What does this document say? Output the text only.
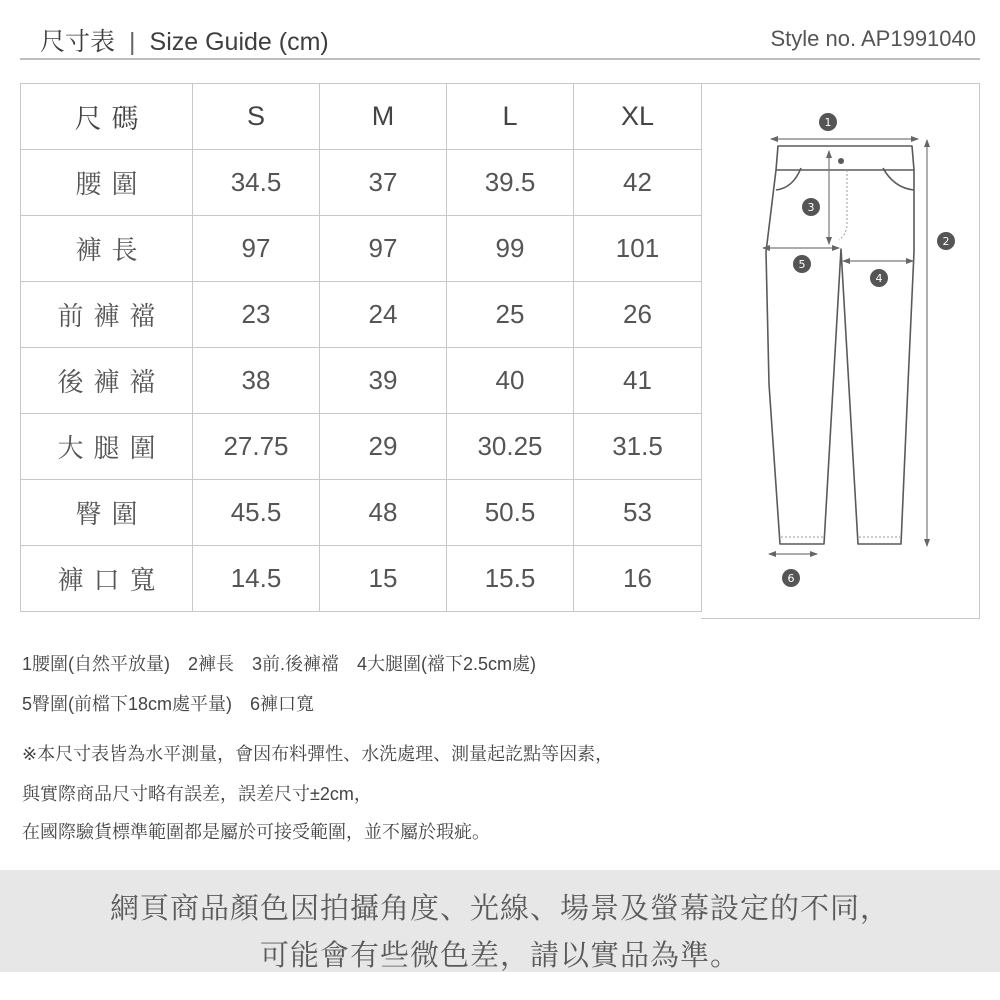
尺寸表 | Size Guide (cm)	Style no. AP1991040
尺碼	S	M	L	XL
腰圍	34.5	37	39.5	42
褲長	97	97	99	101
前褲襠	23	24	25	26
後褲襠	38	39	40	41
大腿圍	27.75	29	30.25	31.5
臀圍	45.5	48	50.5	53
褲口寬	14.5	15	15.5	16
1
2
3
4
5
6
1腰圍(自然平放量) 2褲長 3前.後褲襠 4大腿圍(襠下2.5cm處)
5臀圍(前檔下18cm處平量) 6褲口寬
※本尺寸表皆為水平測量，會因布料彈性、水洗處理、測量起訖點等因素，
與實際商品尺寸略有誤差，誤差尺寸±2cm，
在國際驗貨標準範圍都是屬於可接受範圍，並不屬於瑕疵。
網頁商品顏色因拍攝角度、光線、場景及螢幕設定的不同，
可能會有些微色差，請以實品為準。
